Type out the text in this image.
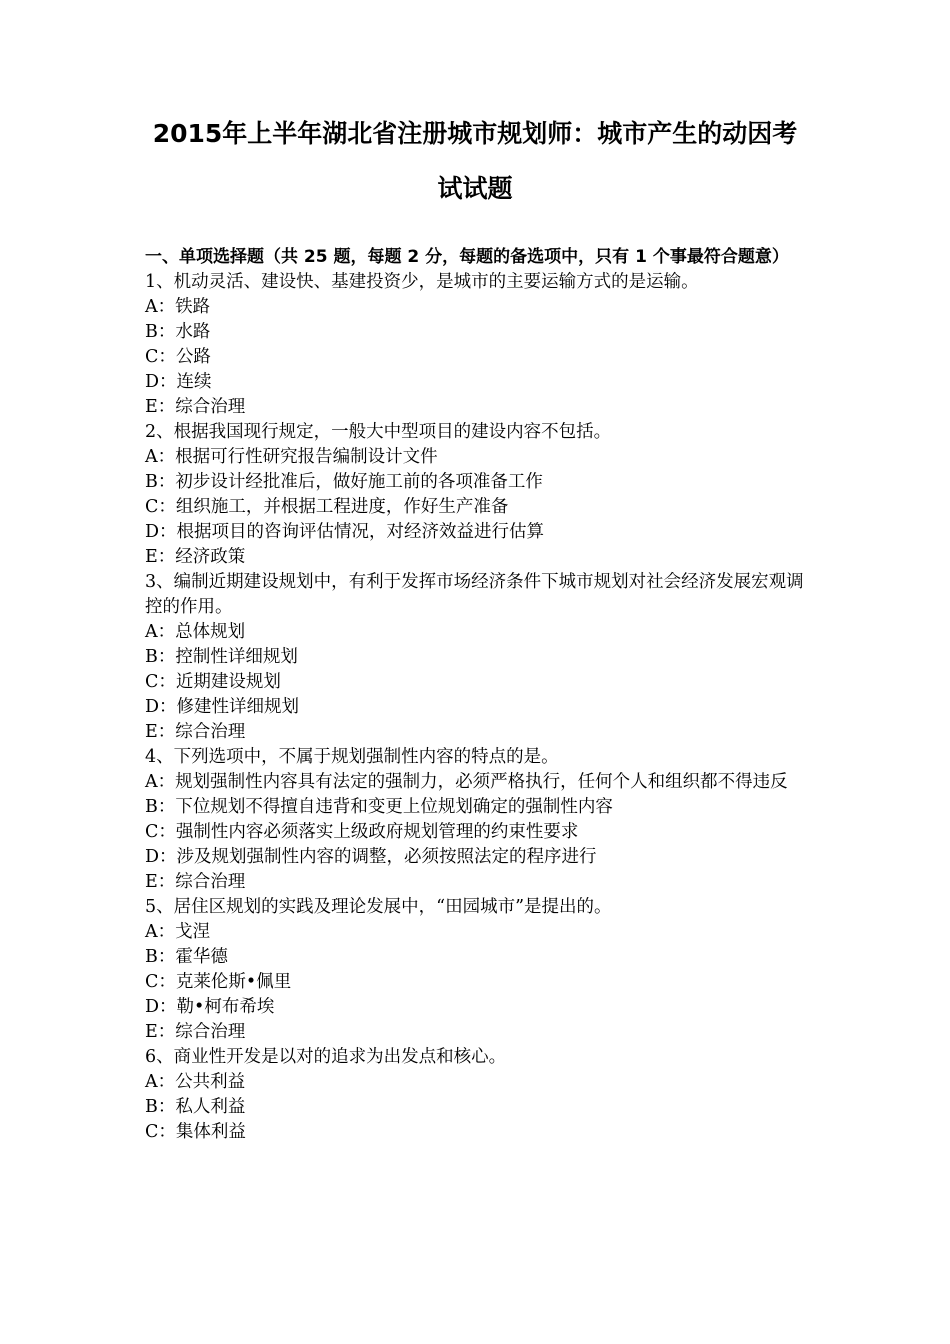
2015年上半年湖北省注册城市规划师：城市产生的动因考
试试题
一、单项选择题（共 25 题，每题 2 分，每题的备选项中，只有 1 个事最符合题意）
1、机动灵活、建设快、基建投资少，是城市的主要运输方式的是运输。
A：铁路
B：水路
C：公路
D：连续
E：综合治理
2、根据我国现行规定，一般大中型项目的建设内容不包括。
A：根据可行性研究报告编制设计文件
B：初步设计经批准后，做好施工前的各项准备工作
C：组织施工，并根据工程进度，作好生产准备
D：根据项目的咨询评估情况，对经济效益进行估算
E：经济政策
3、编制近期建设规划中，有利于发挥市场经济条件下城市规划对社会经济发展宏观调控的作用。
A：总体规划
B：控制性详细规划
C：近期建设规划
D：修建性详细规划
E：综合治理
4、下列选项中，不属于规划强制性内容的特点的是。
A：规划强制性内容具有法定的强制力，必须严格执行，任何个人和组织都不得违反
B：下位规划不得擅自违背和变更上位规划确定的强制性内容
C：强制性内容必须落实上级政府规划管理的约束性要求
D：涉及规划强制性内容的调整，必须按照法定的程序进行
E：综合治理
5、居住区规划的实践及理论发展中，“田园城市”是提出的。
A：戈涅
B：霍华德
C：克莱伦斯•佩里
D：勒•柯布希埃
E：综合治理
6、商业性开发是以对的追求为出发点和核心。
A：公共利益
B：私人利益
C：集体利益
